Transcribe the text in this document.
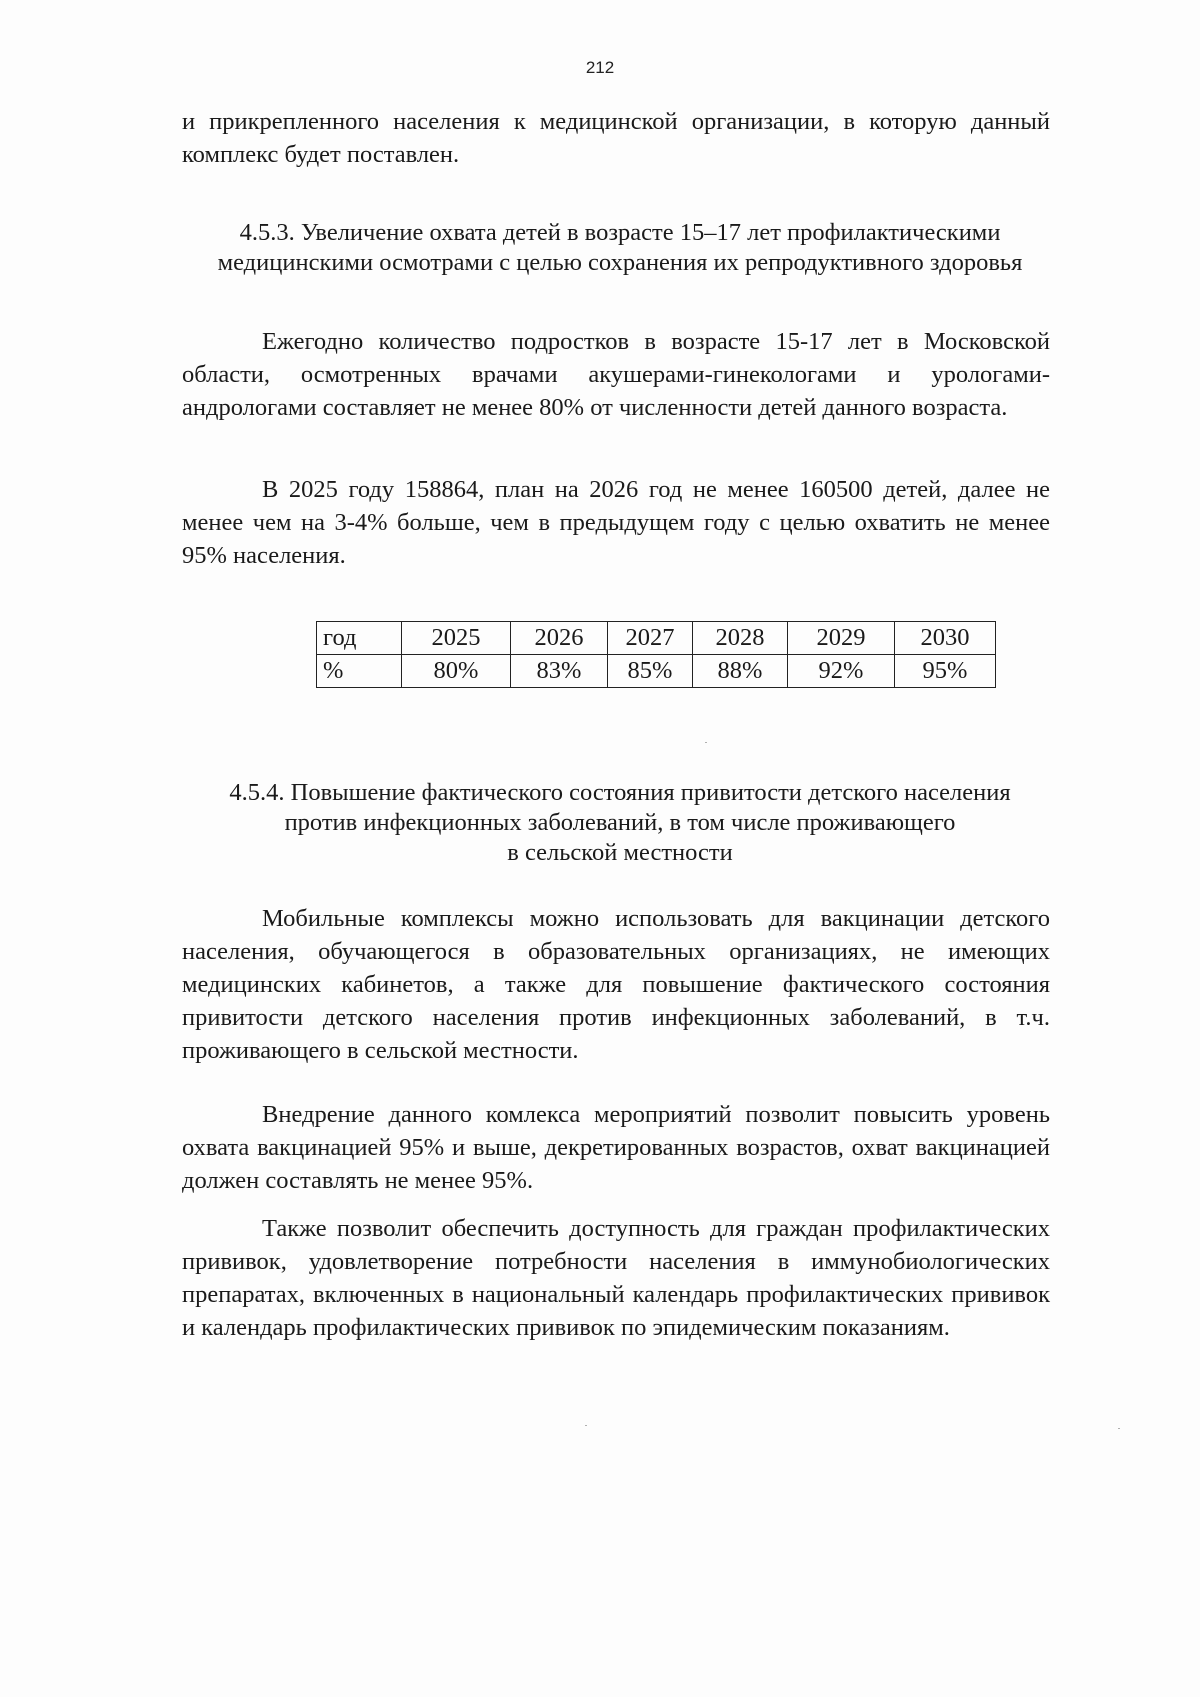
212
и прикрепленного населения к медицинской организации, в которую данный комплекс будет поставлен.
4.5.3. Увеличение охвата детей в возрасте 15–17 лет профилактическими
медицинскими осмотрами с целью сохранения их репродуктивного здоровья
Ежегодно количество подростков в возрасте 15-17 лет в Московской области, осмотренных врачами акушерами-гинекологами и урологами-андрологами составляет не менее 80% от численности детей данного возраста.
В 2025 году 158864, план на 2026 год не менее 160500 детей, далее не менее чем на 3-4% больше, чем в предыдущем году с целью охватить не менее 95% населения.
год	2025	2026	2027	2028	2029	2030
%	80%	83%	85%	88%	92%	95%
4.5.4. Повышение фактического состояния привитости детского населения
против инфекционных заболеваний, в том числе проживающего
в сельской местности
Мобильные комплексы можно использовать для вакцинации детского населения, обучающегося в образовательных организациях, не имеющих медицинских кабинетов, а также для повышение фактического состояния привитости детского населения против инфекционных заболеваний, в т.ч. проживающего в сельской местности.
Внедрение данного комлекса мероприятий позволит повысить уровень охвата вакцинацией 95% и выше, декретированных возрастов, охват вакцинацией должен составлять не менее 95%.
Также позволит обеспечить доступность для граждан профилактических прививок, удовлетворение потребности населения в иммунобиологических препаратах, включенных в национальный календарь профилактических прививок и календарь профилактических прививок по эпидемическим показаниям.
